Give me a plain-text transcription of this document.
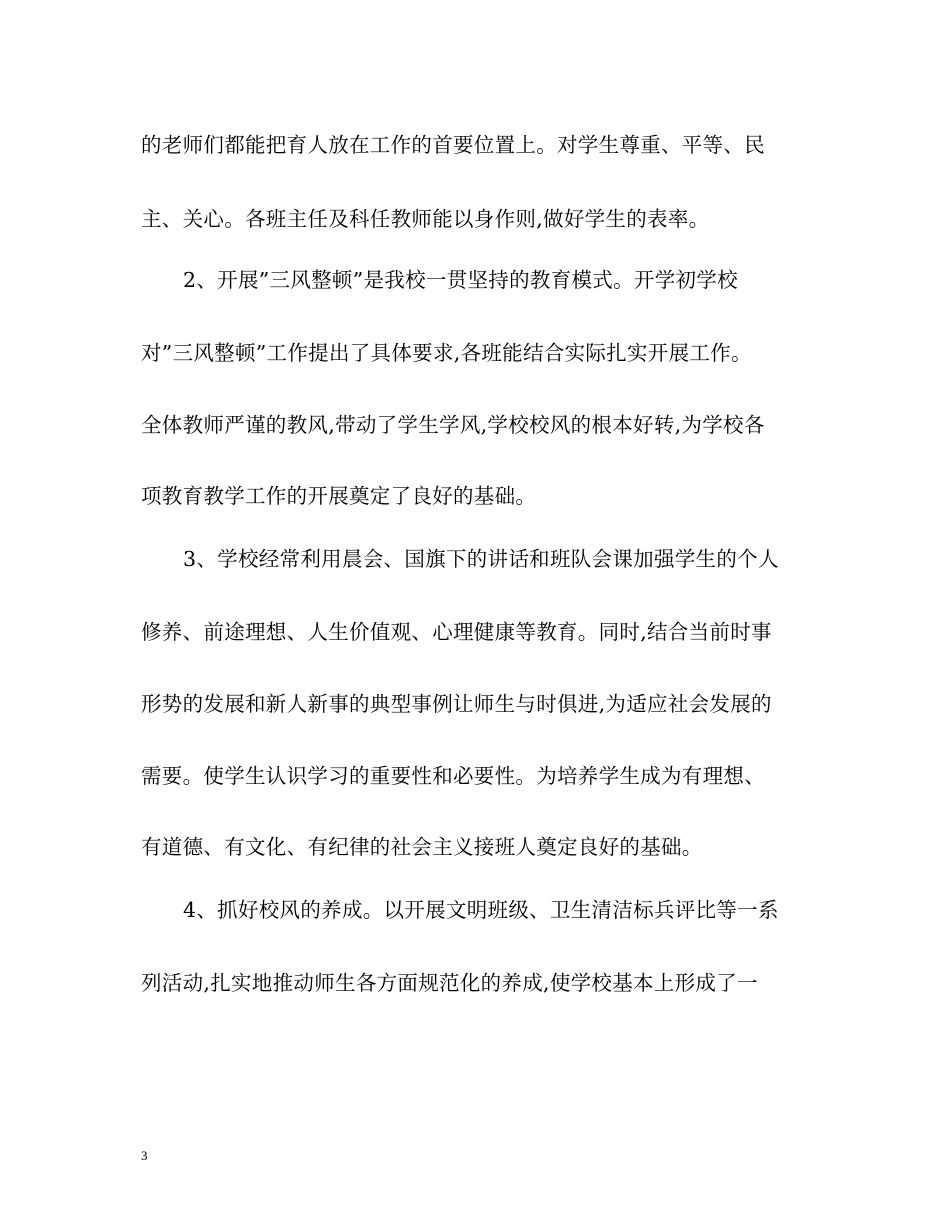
的老师们都能把育人放在工作的首要位置上。对学生尊重、平等、民
主、关心。各班主任及科任教师能以身作则,做好学生的表率。
2、开展”三风整顿”是我校一贯坚持的教育模式。开学初学校
对”三风整顿”工作提出了具体要求,各班能结合实际扎实开展工作。
全体教师严谨的教风,带动了学生学风,学校校风的根本好转,为学校各
项教育教学工作的开展奠定了良好的基础。
3、学校经常利用晨会、国旗下的讲话和班队会课加强学生的个人
修养、前途理想、人生价值观、心理健康等教育。同时,结合当前时事
形势的发展和新人新事的典型事例让师生与时俱进,为适应社会发展的
需要。使学生认识学习的重要性和必要性。为培养学生成为有理想、
有道德、有文化、有纪律的社会主义接班人奠定良好的基础。
4、抓好校风的养成。以开展文明班级、卫生清洁标兵评比等一系
列活动,扎实地推动师生各方面规范化的养成,使学校基本上形成了一
3
